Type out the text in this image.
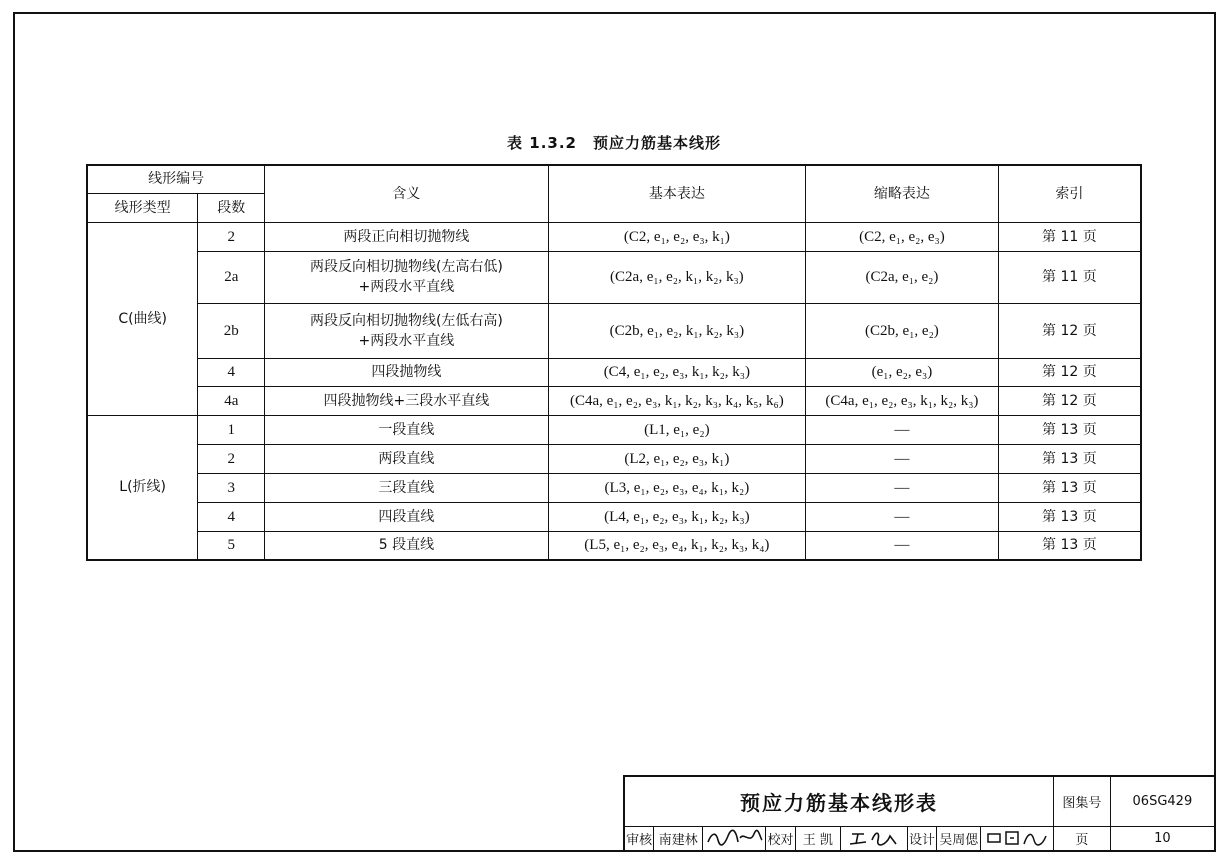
表 1.3.2　预应力筋基本线形
线形编号		含义	基本表达	缩略表达	索引
线形类型	段数				
C(曲线)	2	两段正向相切抛物线	(C2, e₁, e₂, e₃, k₁)	(C2, e₁, e₂, e₃)	第 11 页
	2a	两段反向相切抛物线(左高右低)
+两段水平直线	(C2a, e₁, e₂, k₁, k₂, k₃)	(C2a, e₁, e₂)	第 11 页
	2b	两段反向相切抛物线(左低右高)
+两段水平直线	(C2b, e₁, e₂, k₁, k₂, k₃)	(C2b, e₁, e₂)	第 12 页
	4	四段抛物线	(C4, e₁, e₂, e₃, k₁, k₂, k₃)	(e₁, e₂, e₃)	第 12 页
	4a	四段抛物线+三段水平直线	(C4a, e₁, e₂, e₃, k₁, k₂, k₃, k₄, k₅, k₆)	(C4a, e₁, e₂, e₃, k₁, k₂, k₃)	第 12 页
L(折线)	1	一段直线	(L1, e₁, e₂)	—	第 13 页
	2	两段直线	(L2, e₁, e₂, e₃, k₁)	—	第 13 页
	3	三段直线	(L3, e₁, e₂, e₃, e₄, k₁, k₂)	—	第 13 页
	4	四段直线	(L4, e₁, e₂, e₃, k₁, k₂, k₃)	—	第 13 页
	5	5 段直线	(L5, e₁, e₂, e₃, e₄, k₁, k₂, k₃, k₄)	—	第 13 页
预应力筋基本线形表									图集号	06SG429
审核	南建林		校对	王 凯		设计	吴周偲		页	10
